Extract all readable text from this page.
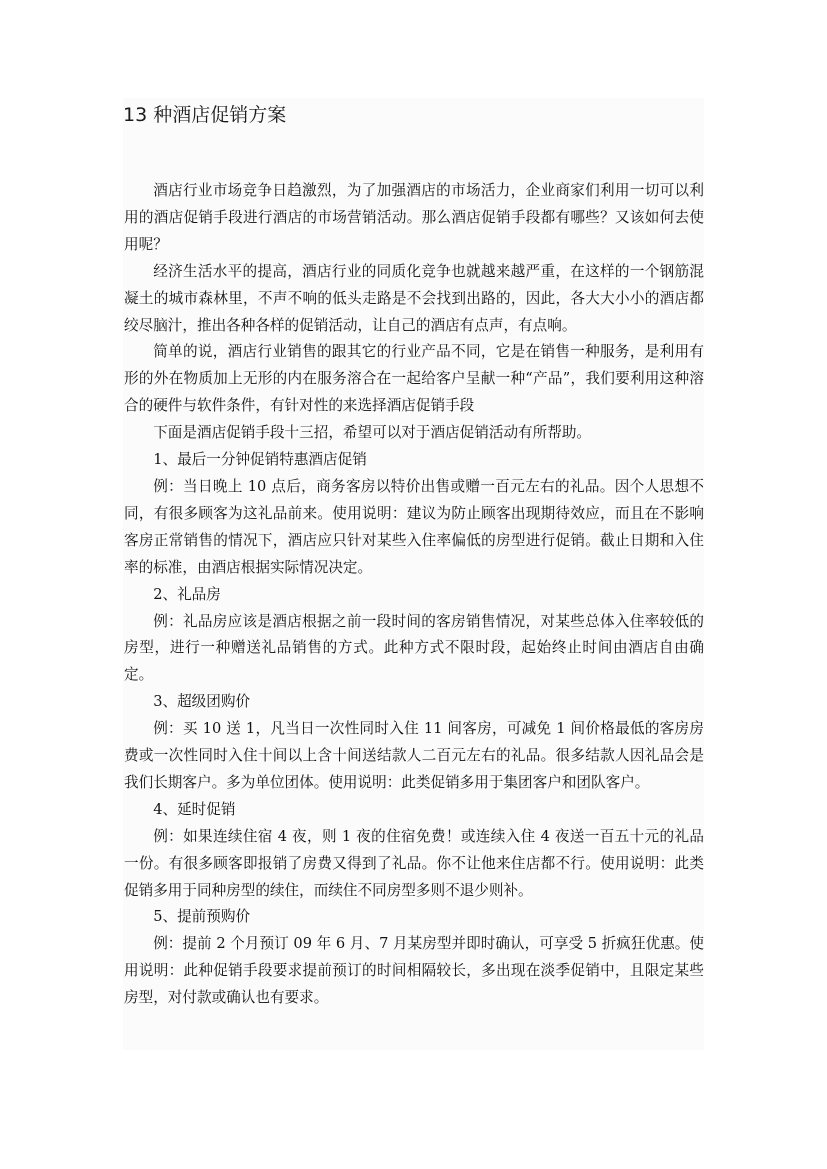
13 种酒店促销方案

酒店行业市场竞争日趋激烈，为了加强酒店的市场活力，企业商家们利用一切可以利用的酒店促销手段进行酒店的市场营销活动。那么酒店促销手段都有哪些？又该如何去使用呢？

经济生活水平的提高，酒店行业的同质化竞争也就越来越严重，在这样的一个钢筋混凝土的城市森林里，不声不响的低头走路是不会找到出路的，因此，各大大小小的酒店都绞尽脑汁，推出各种各样的促销活动，让自己的酒店有点声，有点响。

简单的说，酒店行业销售的跟其它的行业产品不同，它是在销售一种服务，是利用有形的外在物质加上无形的内在服务溶合在一起给客户呈献一种“产品”，我们要利用这种溶合的硬件与软件条件，有针对性的来选择酒店促销手段

下面是酒店促销手段十三招，希望可以对于酒店促销活动有所帮助。

1、最后一分钟促销特惠酒店促销

例：当日晚上 10 点后，商务客房以特价出售或赠一百元左右的礼品。因个人思想不同，有很多顾客为这礼品前来。使用说明：建议为防止顾客出现期待效应，而且在不影响客房正常销售的情况下，酒店应只针对某些入住率偏低的房型进行促销。截止日期和入住率的标准，由酒店根据实际情况决定。

2、礼品房

例：礼品房应该是酒店根据之前一段时间的客房销售情况，对某些总体入住率较低的房型，进行一种赠送礼品销售的方式。此种方式不限时段，起始终止时间由酒店自由确定。

3、超级团购价

例：买 10 送 1，凡当日一次性同时入住 11 间客房，可减免 1 间价格最低的客房房费或一次性同时入住十间以上含十间送结款人二百元左右的礼品。很多结款人因礼品会是我们长期客户。多为单位团体。使用说明：此类促销多用于集团客户和团队客户。

4、延时促销

例：如果连续住宿 4 夜，则 1 夜的住宿免费！或连续入住 4 夜送一百五十元的礼品一份。有很多顾客即报销了房费又得到了礼品。你不让他来住店都不行。使用说明：此类促销多用于同种房型的续住，而续住不同房型多则不退少则补。

5、提前预购价

例：提前 2 个月预订 09 年 6 月、7 月某房型并即时确认，可享受 5 折疯狂优惠。使用说明：此种促销手段要求提前预订的时间相隔较长，多出现在淡季促销中，且限定某些房型，对付款或确认也有要求。
